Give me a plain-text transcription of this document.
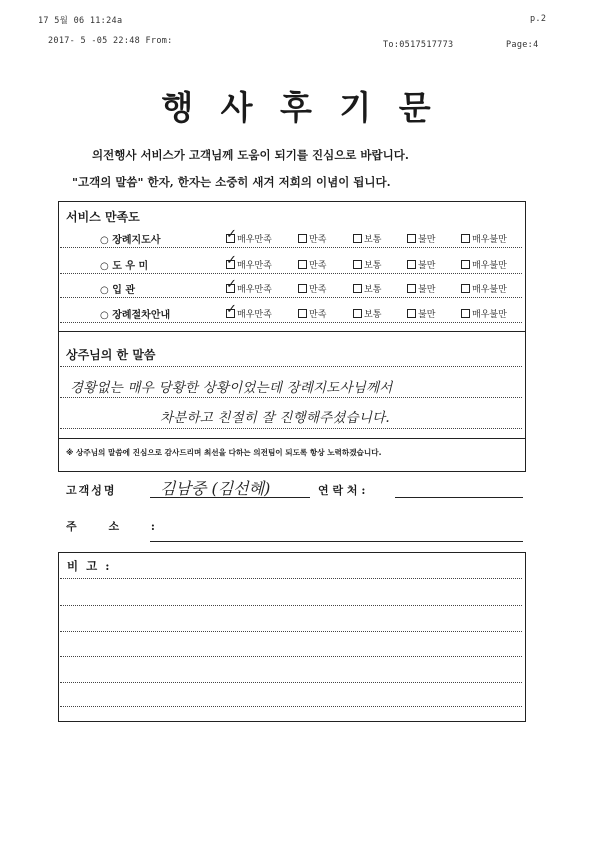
17 5월 06 11:24a	p.2
2017- 5 -05 22:48 From:	To:0517517773	Page:4
행 사 후 기 문
의전행사 서비스가 고객님께 도움이 되기를 진심으로 바랍니다.
"고객의 말씀" 한자, 한자는 소중히 새겨 저희의 이념이 됩니다.
서비스 만족도
○ 장례지도사	✓ 매우만족	만족	보통	불만	매우불만
○ 도 우 미	✓ 매우만족	만족	보통	불만	매우불만
○ 입 관	✓ 매우만족	만족	보통	불만	매우불만
○ 장례절차안내	✓ 매우만족	만족	보통	불만	매우불만
상주님의 한 말씀
경황없는 매우 당황한 상황이었는데 장례지도사님께서
차분하고 친절히 잘 진행해주셨습니다.
※ 상주님의 말씀에 진심으로 감사드리며 최선을 다하는 의전팀이 되도록 항상 노력하겠습니다.
고객성명	김남중 (김선혜)	연 락 처 :
주 소 :
비 고 :
